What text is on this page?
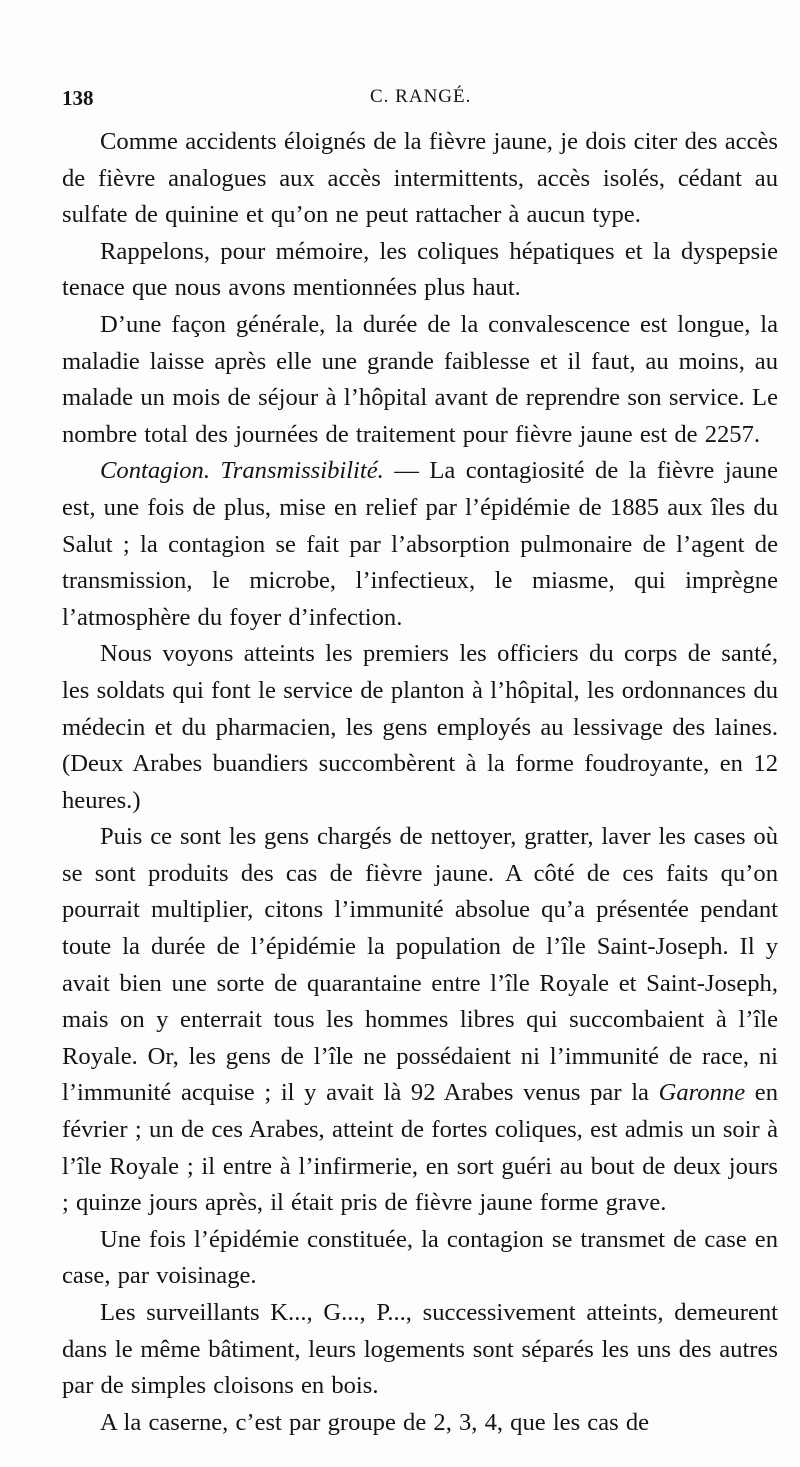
138	C. RANGÉ.

Comme accidents éloignés de la fièvre jaune, je dois citer des accès de fièvre analogues aux accès intermittents, accès isolés, cédant au sulfate de quinine et qu’on ne peut rattacher à aucun type.

Rappelons, pour mémoire, les coliques hépatiques et la dyspepsie tenace que nous avons mentionnées plus haut.

D’une façon générale, la durée de la convalescence est longue, la maladie laisse après elle une grande faiblesse et il faut, au moins, au malade un mois de séjour à l’hôpital avant de reprendre son service. Le nombre total des journées de traitement pour fièvre jaune est de 2257.

Contagion. Transmissibilité. — La contagiosité de la fièvre jaune est, une fois de plus, mise en relief par l’épidémie de 1885 aux îles du Salut ; la contagion se fait par l’absorption pulmonaire de l’agent de transmission, le microbe, l’infectieux, le miasme, qui imprègne l’atmosphère du foyer d’infection.

Nous voyons atteints les premiers les officiers du corps de santé, les soldats qui font le service de planton à l’hôpital, les ordonnances du médecin et du pharmacien, les gens employés au lessivage des laines. (Deux Arabes buandiers succombèrent à la forme foudroyante, en 12 heures.)

Puis ce sont les gens chargés de nettoyer, gratter, laver les cases où se sont produits des cas de fièvre jaune. A côté de ces faits qu’on pourrait multiplier, citons l’immunité absolue qu’a présentée pendant toute la durée de l’épidémie la population de l’île Saint-Joseph. Il y avait bien une sorte de quarantaine entre l’île Royale et Saint-Joseph, mais on y enterrait tous les hommes libres qui succombaient à l’île Royale. Or, les gens de l’île ne possédaient ni l’immunité de race, ni l’immunité acquise ; il y avait là 92 Arabes venus par la Garonne en février ; un de ces Arabes, atteint de fortes coliques, est admis un soir à l’île Royale ; il entre à l’infirmerie, en sort guéri au bout de deux jours ; quinze jours après, il était pris de fièvre jaune forme grave.

Une fois l’épidémie constituée, la contagion se transmet de case en case, par voisinage.

Les surveillants K..., G..., P..., successivement atteints, demeurent dans le même bâtiment, leurs logements sont séparés les uns des autres par de simples cloisons en bois.

A la caserne, c’est par groupe de 2, 3, 4, que les cas de
